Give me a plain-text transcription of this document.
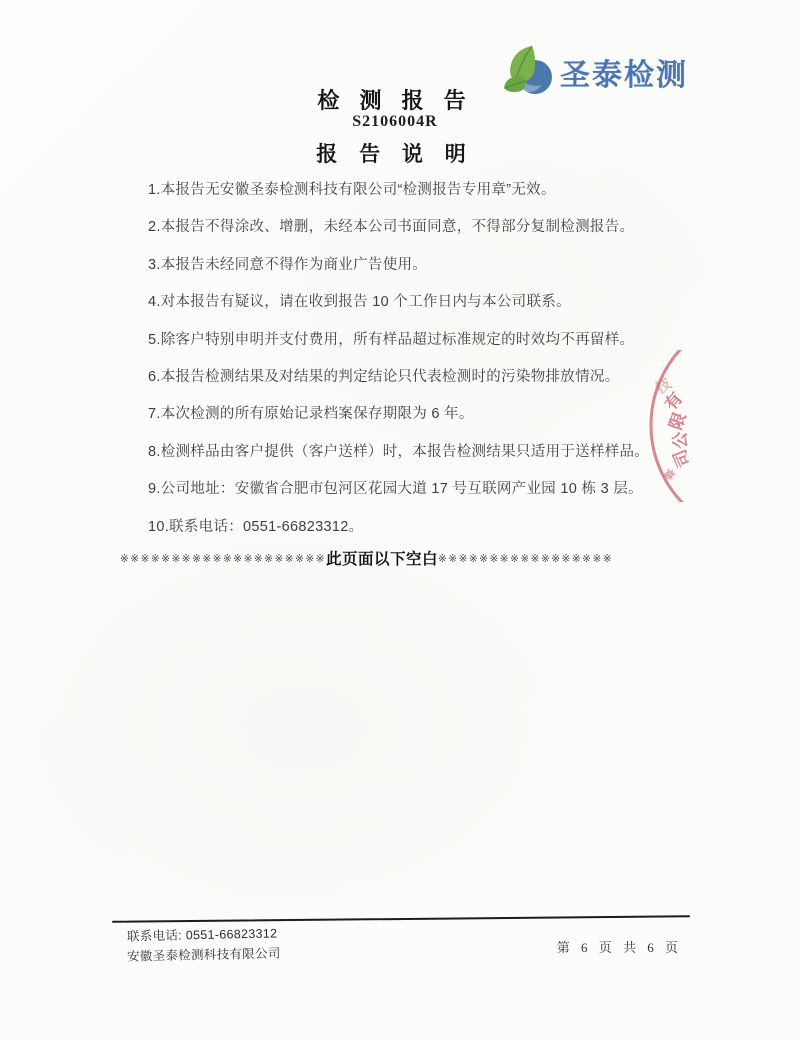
圣泰检测
检 测 报 告
S2106004R
报 告 说 明
1.本报告无安徽圣泰检测科技有限公司“检测报告专用章”无效。
2.本报告不得涂改、增删，未经本公司书面同意，不得部分复制检测报告。
3.本报告未经同意不得作为商业广告使用。
4.对本报告有疑议，请在收到报告 10 个工作日内与本公司联系。
5.除客户特别申明并支付费用，所有样品超过标准规定的时效均不再留样。
6.本报告检测结果及对结果的判定结论只代表检测时的污染物排放情况。
7.本次检测的所有原始记录档案保存期限为 6 年。
8.检测样品由客户提供（客户送样）时，本报告检测结果只适用于送样样品。
9.公司地址：安徽省合肥市包河区花园大道 17 号互联网产业园 10 栋 3 层。
10.联系电话：0551-66823312。
※※※※※※※※※※※※※※※※※※※※ 此页面以下空白 ※※※※※※※※※※※※※※※※※
技
有
限
公
司
章
联系电话: 0551-66823312
安徽圣泰检测科技有限公司	第 6 页 共 6 页
